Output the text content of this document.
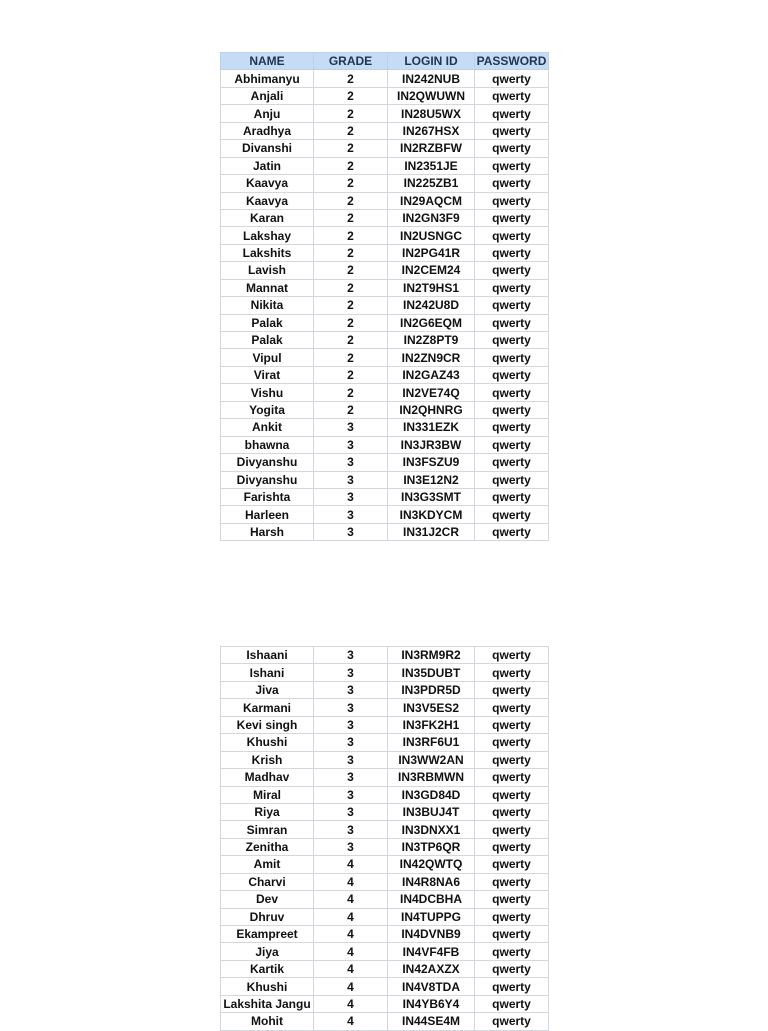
NAME	GRADE	LOGIN ID	PASSWORD
Abhimanyu	2	IN242NUB	qwerty
Anjali	2	IN2QWUWN	qwerty
Anju	2	IN28U5WX	qwerty
Aradhya	2	IN267HSX	qwerty
Divanshi	2	IN2RZBFW	qwerty
Jatin	2	IN2351JE	qwerty
Kaavya	2	IN225ZB1	qwerty
Kaavya	2	IN29AQCM	qwerty
Karan	2	IN2GN3F9	qwerty
Lakshay	2	IN2USNGC	qwerty
Lakshits	2	IN2PG41R	qwerty
Lavish	2	IN2CEM24	qwerty
Mannat	2	IN2T9HS1	qwerty
Nikita	2	IN242U8D	qwerty
Palak	2	IN2G6EQM	qwerty
Palak	2	IN2Z8PT9	qwerty
Vipul	2	IN2ZN9CR	qwerty
Virat	2	IN2GAZ43	qwerty
Vishu	2	IN2VE74Q	qwerty
Yogita	2	IN2QHNRG	qwerty
Ankit	3	IN331EZK	qwerty
bhawna	3	IN3JR3BW	qwerty
Divyanshu	3	IN3FSZU9	qwerty
Divyanshu	3	IN3E12N2	qwerty
Farishta	3	IN3G3SMT	qwerty
Harleen	3	IN3KDYCM	qwerty
Harsh	3	IN31J2CR	qwerty
Ishaani	3	IN3RM9R2	qwerty
Ishani	3	IN35DUBT	qwerty
Jiva	3	IN3PDR5D	qwerty
Karmani	3	IN3V5ES2	qwerty
Kevi singh	3	IN3FK2H1	qwerty
Khushi	3	IN3RF6U1	qwerty
Krish	3	IN3WW2AN	qwerty
Madhav	3	IN3RBMWN	qwerty
Miral	3	IN3GD84D	qwerty
Riya	3	IN3BUJ4T	qwerty
Simran	3	IN3DNXX1	qwerty
Zenitha	3	IN3TP6QR	qwerty
Amit	4	IN42QWTQ	qwerty
Charvi	4	IN4R8NA6	qwerty
Dev	4	IN4DCBHA	qwerty
Dhruv	4	IN4TUPPG	qwerty
Ekampreet	4	IN4DVNB9	qwerty
Jiya	4	IN4VF4FB	qwerty
Kartik	4	IN42AXZX	qwerty
Khushi	4	IN4V8TDA	qwerty
Lakshita Jangu	4	IN4YB6Y4	qwerty
Mohit	4	IN44SE4M	qwerty
